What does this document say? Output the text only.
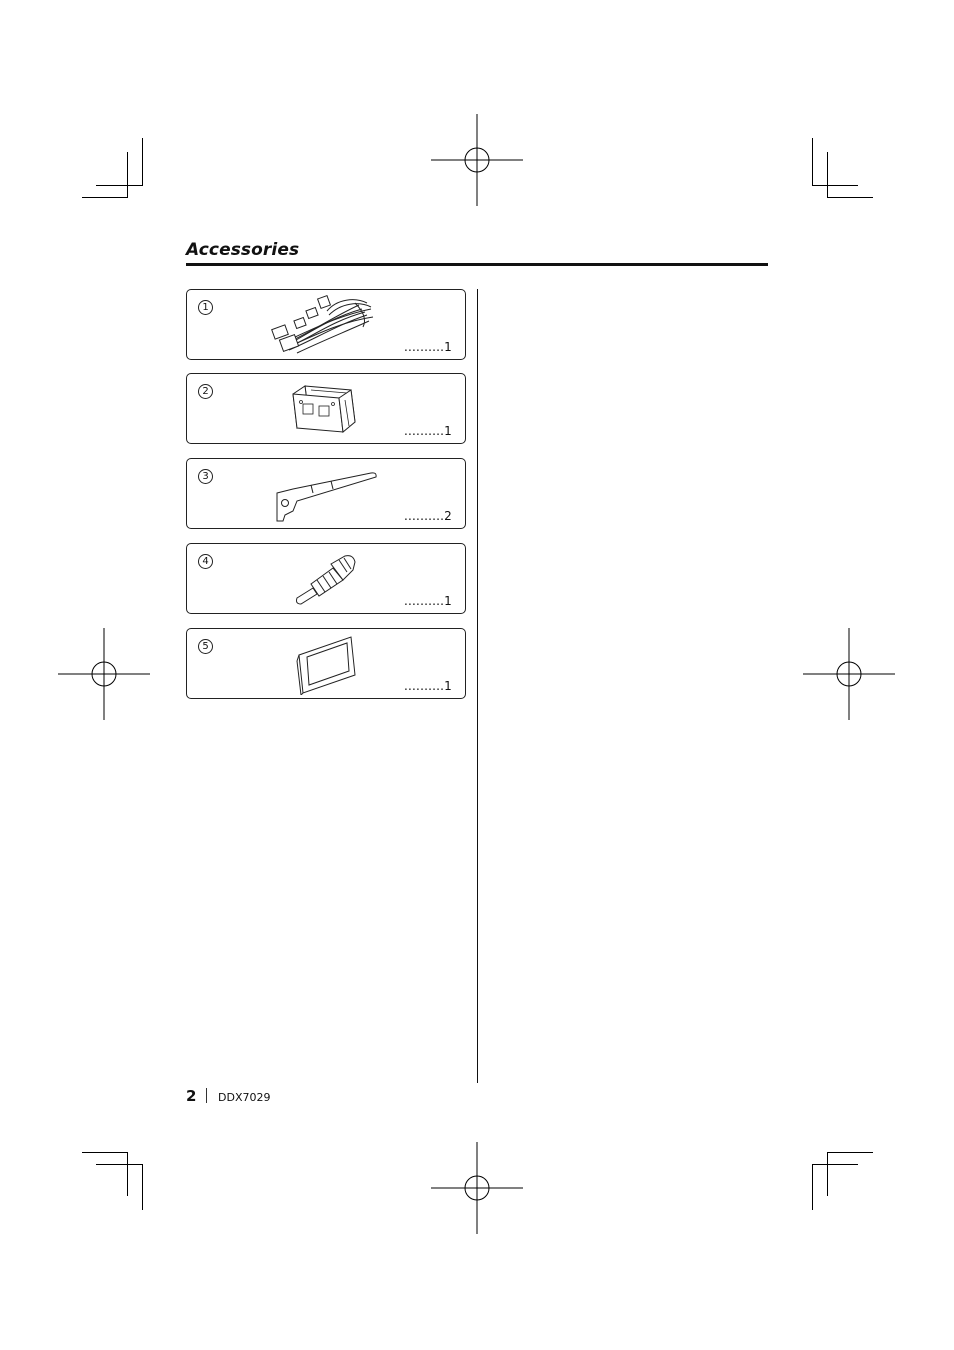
Accessories
1
..........1
2
..........1
3
..........2
4
..........1
5
..........1
2 DDX7029
